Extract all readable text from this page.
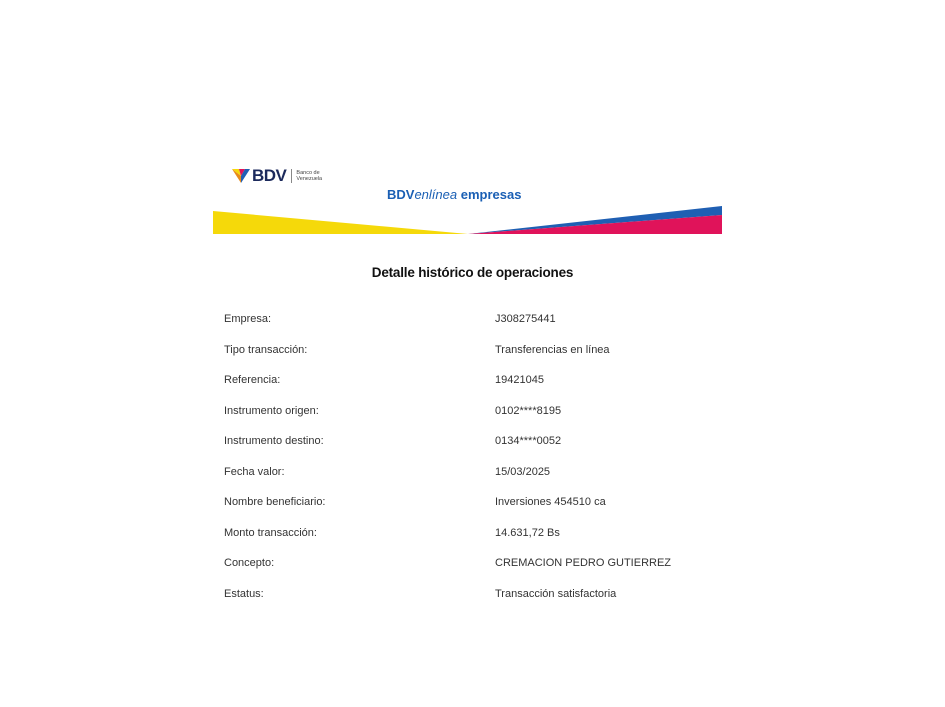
BDV Banco de Venezuela
BDVenlínea empresas
Detalle histórico de operaciones
Empresa:	J308275441
Tipo transacción:	Transferencias en línea
Referencia:	19421045
Instrumento origen:	0102****8195
Instrumento destino:	0134****0052
Fecha valor:	15/03/2025
Nombre beneficiario:	Inversiones 454510 ca
Monto transacción:	14.631,72 Bs
Concepto:	CREMACION PEDRO GUTIERREZ
Estatus:	Transacción satisfactoria
